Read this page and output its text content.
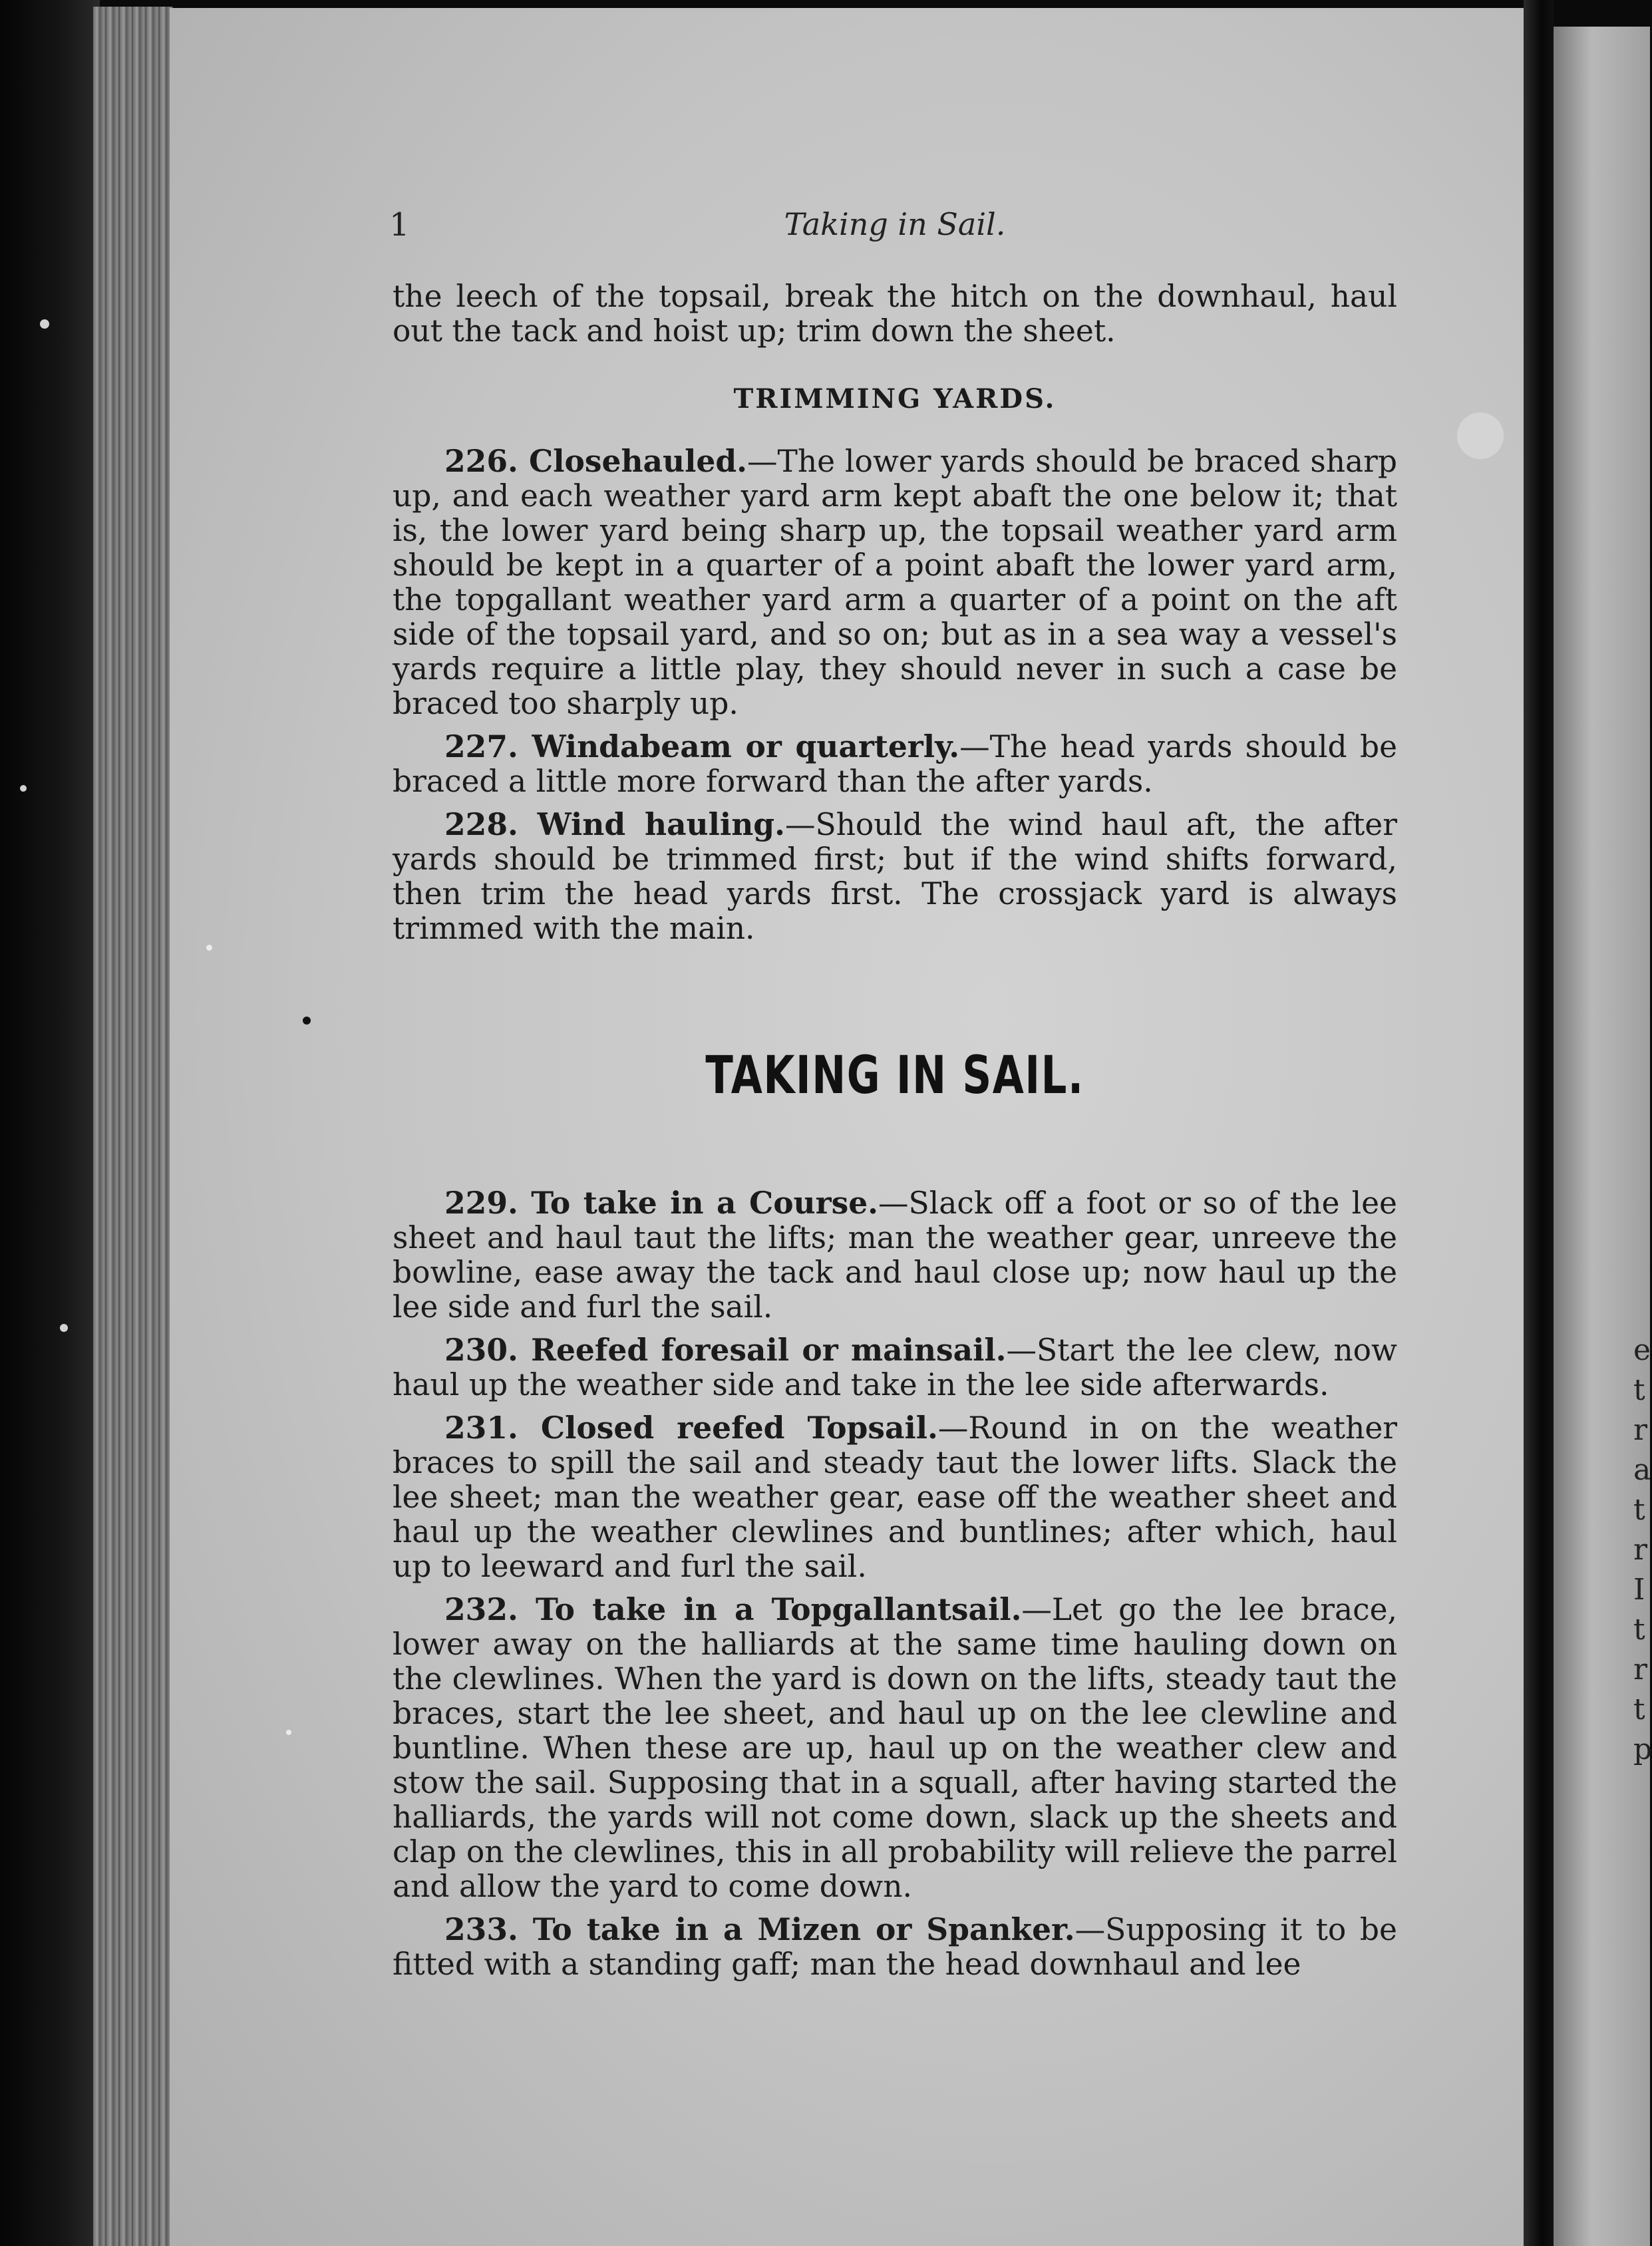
e
t
r
a
t
r
I
t
r
t
p
1	Taking in Sail.

the leech of the topsail, break the hitch on the downhaul, haul out the tack and hoist up; trim down the sheet.

TRIMMING YARDS.

226. Closehauled.—The lower yards should be braced sharp up, and each weather yard arm kept abaft the one below it; that is, the lower yard being sharp up, the topsail weather yard arm should be kept in a quarter of a point abaft the lower yard arm, the topgallant weather yard arm a quarter of a point on the aft side of the topsail yard, and so on; but as in a sea way a vessel's yards require a little play, they should never in such a case be braced too sharply up.

227. Windabeam or quarterly.—The head yards should be braced a little more forward than the after yards.

228. Wind hauling.—Should the wind haul aft, the after yards should be trimmed first; but if the wind shifts forward, then trim the head yards first. The crossjack yard is always trimmed with the main.

TAKING IN SAIL.

229. To take in a Course.—Slack off a foot or so of the lee sheet and haul taut the lifts; man the weather gear, unreeve the bowline, ease away the tack and haul close up; now haul up the lee side and furl the sail.

230. Reefed foresail or mainsail.—Start the lee clew, now haul up the weather side and take in the lee side afterwards.

231. Closed reefed Topsail.—Round in on the weather braces to spill the sail and steady taut the lower lifts. Slack the lee sheet; man the weather gear, ease off the weather sheet and haul up the weather clewlines and buntlines; after which, haul up to leeward and furl the sail.

232. To take in a Topgallantsail.—Let go the lee brace, lower away on the halliards at the same time hauling down on the clewlines. When the yard is down on the lifts, steady taut the braces, start the lee sheet, and haul up on the lee clewline and buntline. When these are up, haul up on the weather clew and stow the sail. Supposing that in a squall, after having started the halliards, the yards will not come down, slack up the sheets and clap on the clewlines, this in all probability will relieve the parrel and allow the yard to come down.

233. To take in a Mizen or Spanker.—Supposing it to be fitted with a standing gaff; man the head downhaul and lee
